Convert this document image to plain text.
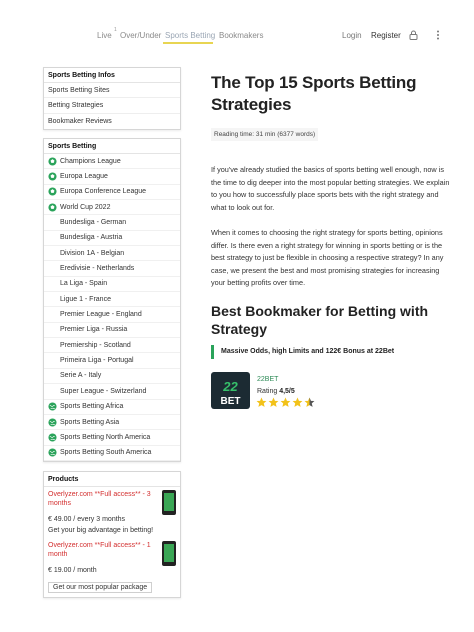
Live
1
Over/Under Sports Betting Bookmakers	Login Register
Sports Betting Infos
Sports Betting Sites
Betting Strategies
Bookmaker Reviews
Sports Betting
Champions League
Europa League
Europa Conference League
World Cup 2022
Bundesliga - German
Bundesliga - Austria
Division 1A - Belgian
Eredivisie - Netherlands
La Liga - Spain
Ligue 1 - France
Premier League - England
Premier Liga - Russia
Premiership - Scotland
Primeira Liga - Portugal
Serie A - Italy
Super League - Switzerland
Sports Betting Africa
Sports Betting Asia
Sports Betting North America
Sports Betting South America
Products
Overlyzer.com **Full access** - 3 months
€ 49.00 / every 3 months
Get your big advantage in betting!
Overlyzer.com **Full access** - 1 month
€ 19.00 / month
Get our most popular package
The Top 15 Sports Betting Strategies
Reading time: 31 min (6377 words)

If you've already studied the basics of sports betting well enough, now is the time to dig deeper into the most popular betting strategies. We explain to you how to successfully place sports bets with the right strategy and what to look out for.

When it comes to choosing the right strategy for sports betting, opinions differ. Is there even a right strategy for winning in sports betting or is the best strategy to just be flexible in choosing a respective strategy? In any case, we present the best and most promising strategies for increasing your betting profits over time.

Best Bookmaker for Betting with Strategy
Massive Odds, high Limits and 122€ Bonus at 22Bet
22
BET
22BET
Rating 4,5/5
